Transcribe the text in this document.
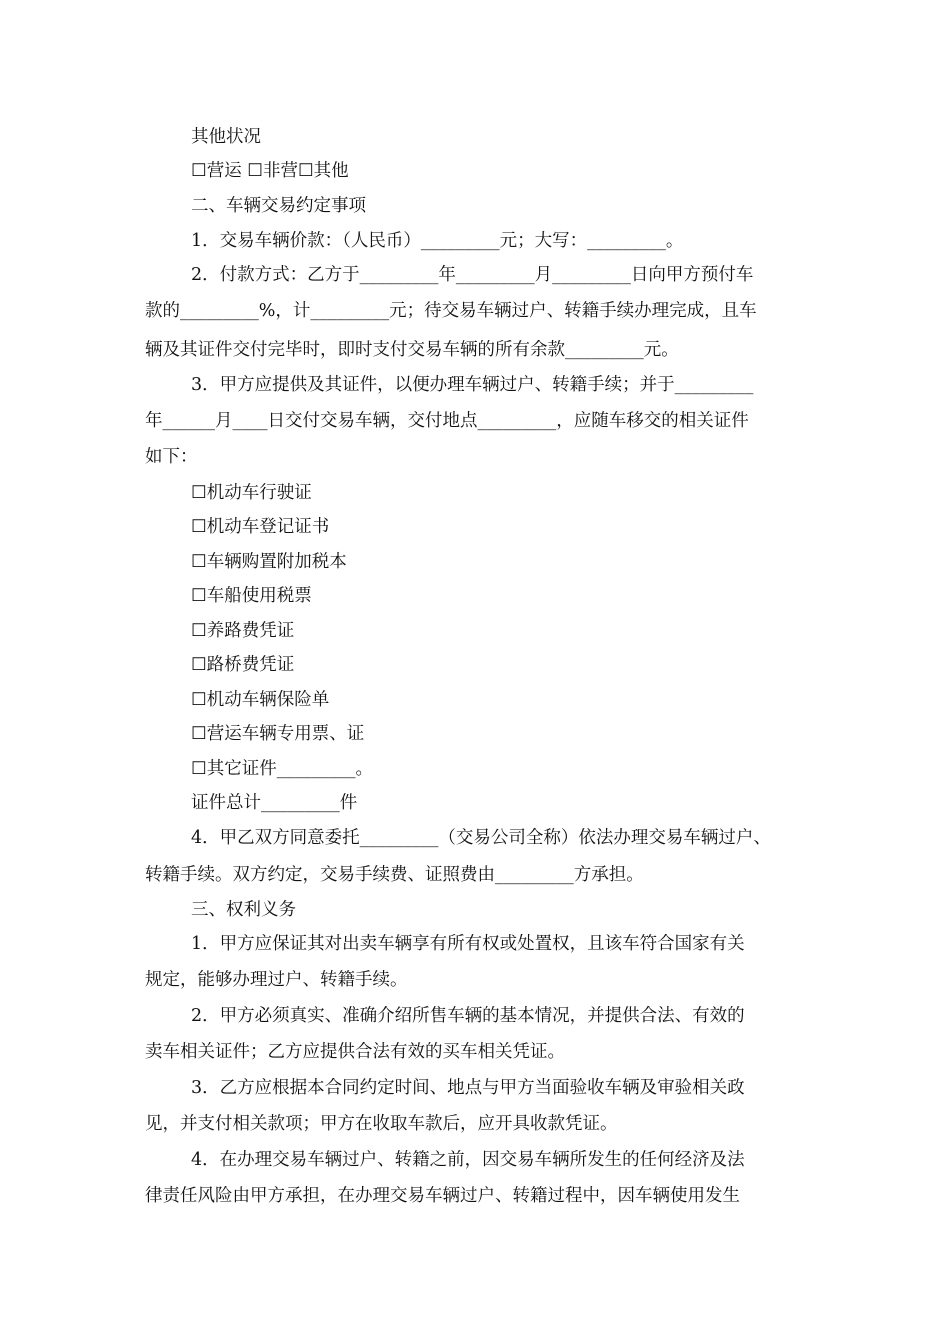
其他状况
☐营运 ☐非营☐其他
二、车辆交易约定事项
1．交易车辆价款：（人民币）_________元；大写：_________。
2．付款方式：乙方于_________年_________月_________日向甲方预付车
款的_________%，计_________元；待交易车辆过户、转籍手续办理完成，且车
辆及其证件交付完毕时，即时支付交易车辆的所有余款_________元。
3．甲方应提供及其证件，以便办理车辆过户、转籍手续；并于_________
年______月____日交付交易车辆，交付地点_________，应随车移交的相关证件
如下：
☐机动车行驶证
☐机动车登记证书
☐车辆购置附加税本
☐车船使用税票
☐养路费凭证
☐路桥费凭证
☐机动车辆保险单
☐营运车辆专用票、证
☐其它证件_________。
证件总计_________件
4．甲乙双方同意委托_________（交易公司全称）依法办理交易车辆过户、
转籍手续。双方约定，交易手续费、证照费由_________方承担。
三、权利义务
1．甲方应保证其对出卖车辆享有所有权或处置权，且该车符合国家有关
规定，能够办理过户、转籍手续。
2．甲方必须真实、准确介绍所售车辆的基本情况，并提供合法、有效的
卖车相关证件；乙方应提供合法有效的买车相关凭证。
3．乙方应根据本合同约定时间、地点与甲方当面验收车辆及审验相关政
见，并支付相关款项；甲方在收取车款后，应开具收款凭证。
4．在办理交易车辆过户、转籍之前，因交易车辆所发生的任何经济及法
律责任风险由甲方承担，在办理交易车辆过户、转籍过程中，因车辆使用发生
